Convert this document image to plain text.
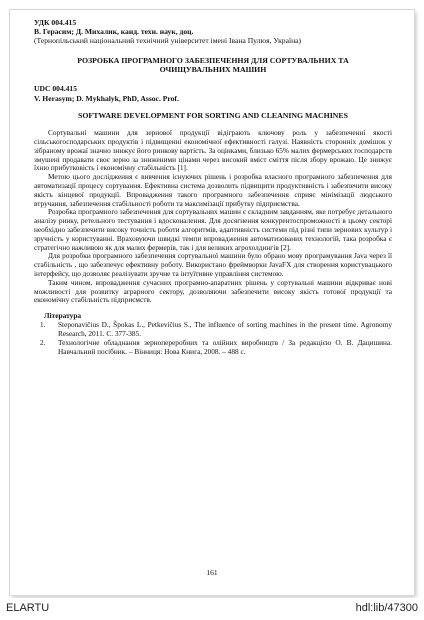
УДК 004.415
В. Герасим; Д. Михалик, канд. техн. наук, доц.
(Тернопільський національний технічний університет імені Івана Пулюя, Україна)
РОЗРОБКА ПРОГРАМНОГО ЗАБЕЗПЕЧЕННЯ ДЛЯ СОРТУВАЛЬНИХ ТА ОЧИЩУВАЛЬНИХ МАШИН
UDC 004.415
V. Herasym; D. Mykhalyk, PhD, Assoc. Prof.
SOFTWARE DEVELOPMENT FOR SORTING AND CLEANING MACHINES

Сортувальні машини для зернової продукції відіграють ключову роль у забезпеченні якості сільськогосподарських продуктів і підвищенні економічної ефективності галузі. Наявність сторонніх домішок у зібраному врожаї значно знижує його ринкову вартість. За оцінками, близько 65% малих фермерських господарств змушені продавати своє зерно за зниженими цінами через високий вміст сміття після збору врожаю. Це знижує їхню прибутковість і економічну стабільність [1].

Метою цього дослідження є вивчення існуючих рішень і розробка власного програмного забезпечення для автоматизації процесу сортування. Ефективна система дозволить підвищити продуктивність і забезпечити високу якість кінцевої продукції. Впровадження такого програмного забезпечення сприяє мінімізації людського втручання, забезпечення стабільності роботи та максимізації прибутку підприємства.

Розробка програмного забезпечення для сортувальних машин є складним завданням, яке потребує детального аналізу ринку, ретельного тестування і вдосконалення. Для досягнення конкурентоспроможності в цьому секторі необхідно забезпечити високу точність роботи алгоритмів, адаптивність системи під різні типи зернових культур і зручність у користуванні. Враховуючи швидкі темпи впровадження автоматизованих технологій, така розробка є стратегічно важливою як для малих фермерів, так і для великих агрохолдингів [2].

Для розробки програмного забезпечення сортувальної машини було обрано мову програмування Java через її стабільність , що забезпечує ефективну роботу. Використано фреймворки JavaFX для створення користувацького інтерфейсу, що дозволяє реалізувати зручне та інтуїтивне управління системою.

Таким чином, впровадження сучасних програмно-апаратних рішень у сортувальні машини відкриває нові можливості для розвитку аграрного сектору, дозволяючи забезпечити високу якість готової продукції та економічну стабільність підприємств.

Література
1. Steponavičius D., Špokas L., Petkevičius S., The influence of sorting machines in the present time. Agronomy Research, 2011. C. 377-385.
2. Технологічне обладнання зернопереробних та олійних виробництв / За редакцією О. В. Дацишина. Навчальний посібник. – Вінниця: Нова Книга, 2008. – 488 с.
161
ELARTU	hdl:lib/47300
